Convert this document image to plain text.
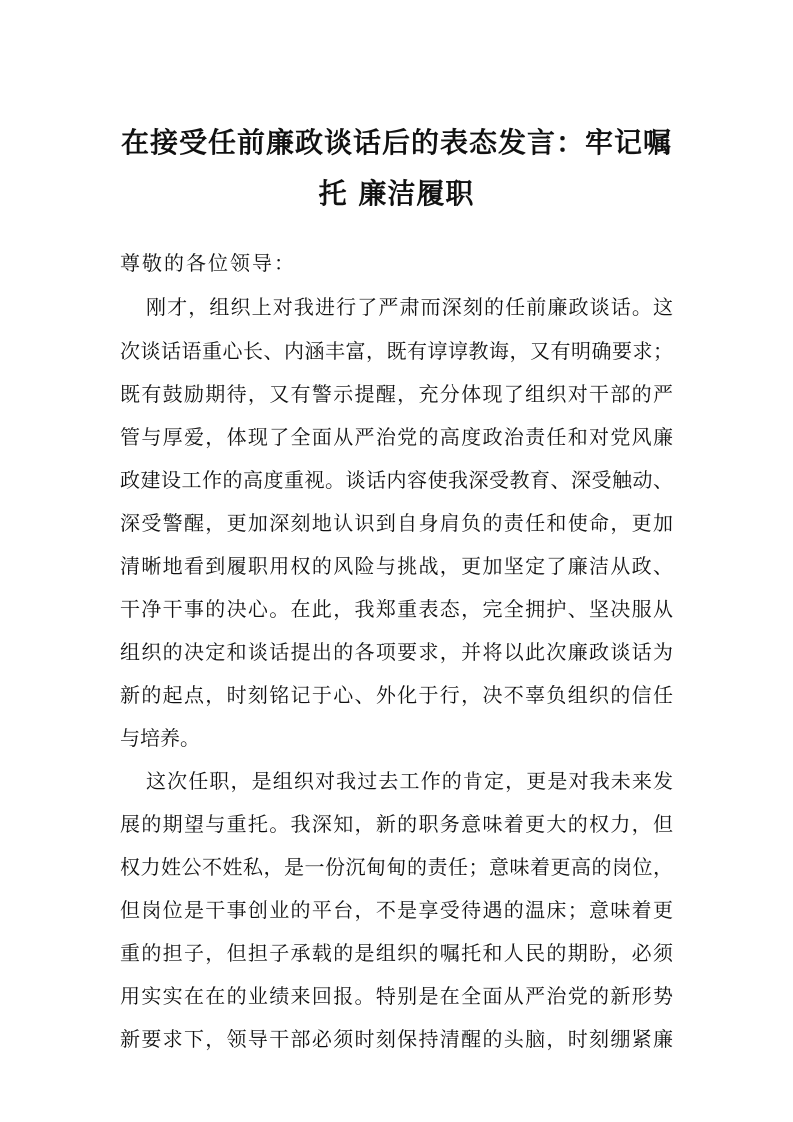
在接受任前廉政谈话后的表态发言：牢记嘱
托 廉洁履职
尊敬的各位领导：
刚才，组织上对我进行了严肃而深刻的任前廉政谈话。这
次谈话语重心长、内涵丰富，既有谆谆教诲，又有明确要求；
既有鼓励期待，又有警示提醒，充分体现了组织对干部的严
管与厚爱，体现了全面从严治党的高度政治责任和对党风廉
政建设工作的高度重视。谈话内容使我深受教育、深受触动、
深受警醒，更加深刻地认识到自身肩负的责任和使命，更加
清晰地看到履职用权的风险与挑战，更加坚定了廉洁从政、
干净干事的决心。在此，我郑重表态，完全拥护、坚决服从
组织的决定和谈话提出的各项要求，并将以此次廉政谈话为
新的起点，时刻铭记于心、外化于行，决不辜负组织的信任
与培养。
这次任职，是组织对我过去工作的肯定，更是对我未来发
展的期望与重托。我深知，新的职务意味着更大的权力，但
权力姓公不姓私，是一份沉甸甸的责任；意味着更高的岗位，
但岗位是干事创业的平台，不是享受待遇的温床；意味着更
重的担子，但担子承载的是组织的嘱托和人民的期盼，必须
用实实在在的业绩来回报。特别是在全面从严治党的新形势
新要求下，领导干部必须时刻保持清醒的头脑，时刻绷紧廉
